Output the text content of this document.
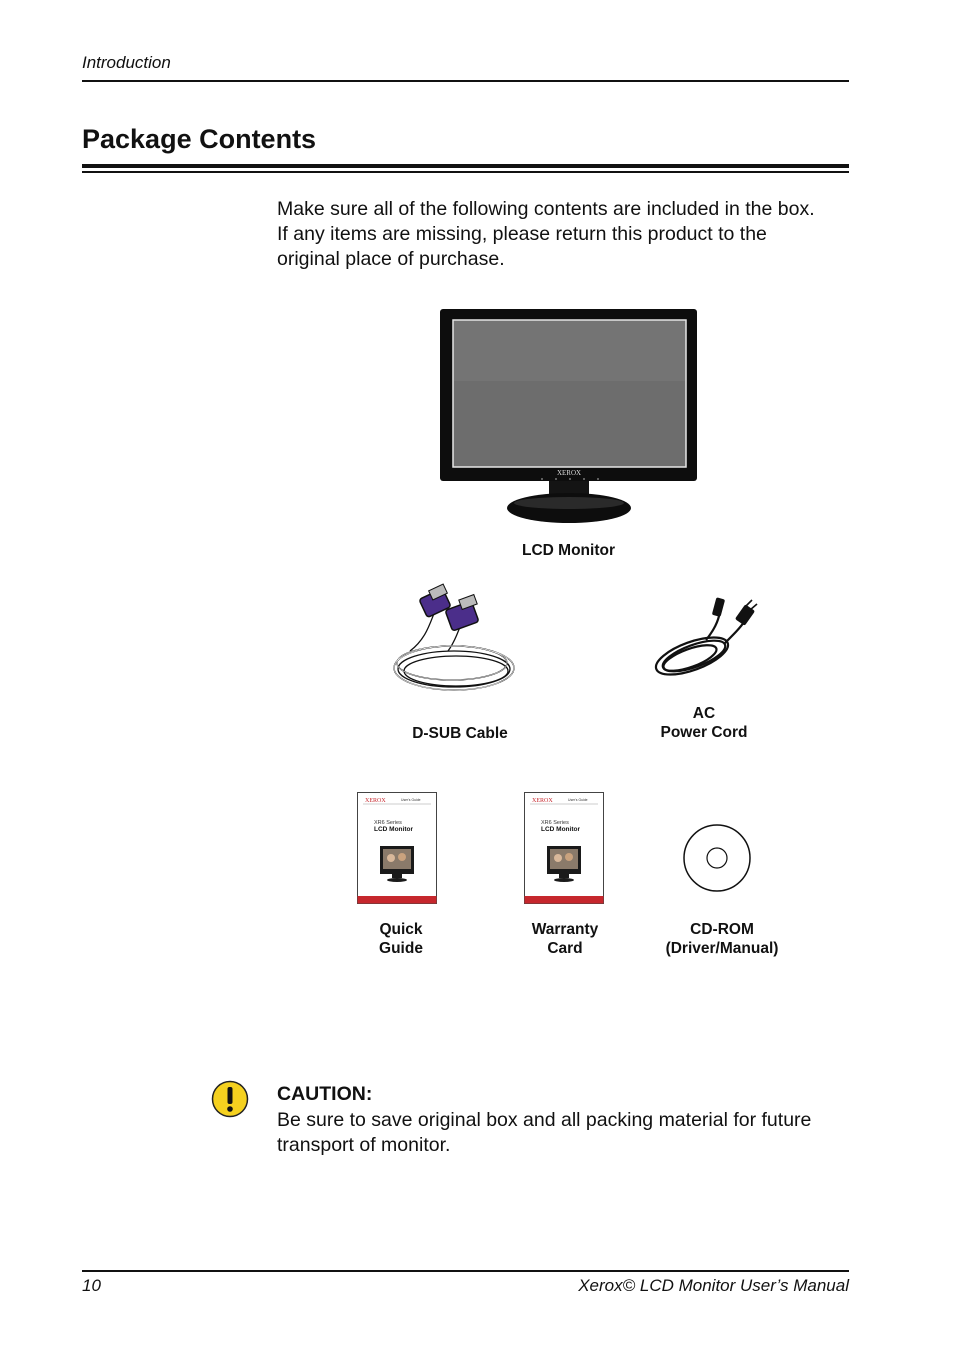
Introduction
Package Contents
Make sure all of the following contents are included in the box.
If any items are missing, please return this product to the
original place of purchase.
XEROX
LCD Monitor
D-SUB Cable
AC
Power Cord
XEROX	User's Guide
XR6 Series
LCD Monitor
Quick
Guide
XEROX	User's Guide
XR6 Series
LCD Monitor
Warranty
Card
CD-ROM
(Driver/Manual)
CAUTION:
Be sure to save original box and all packing material for future
transport of monitor.
10	Xerox© LCD Monitor User’s Manual
